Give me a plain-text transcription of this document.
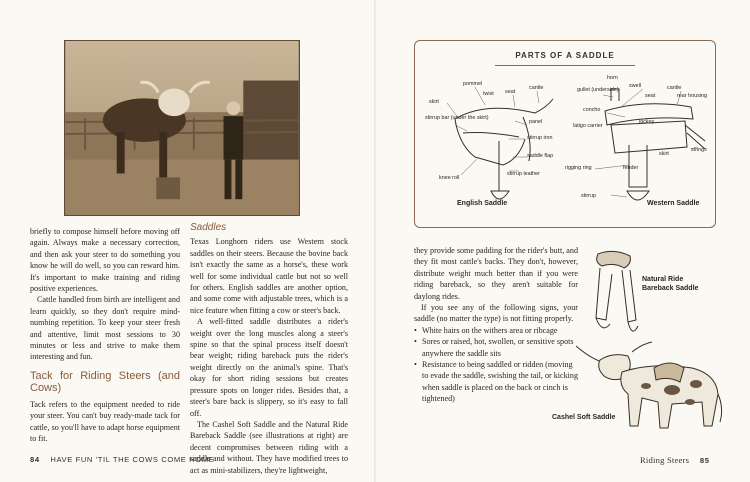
briefly to compose himself before moving off again. Always make a necessary correction, and then ask your steer to do something you know he will do well, so you can reward him. It's important to make training and riding positive experiences.

Cattle handled from birth are intelligent and learn quickly, so they don't require mind-numbing repetition. To keep your steer fresh and attentive, limit most sessions to 30 minutes or less and strive to make them interesting and fun.

Tack for Riding Steers (and Cows)

Tack refers to the equipment needed to ride your steer. You can't buy ready-made tack for cattle, so you'll have to adapt horse equipment to fit.

Saddles

Texas Longhorn riders use Western stock saddles on their steers. Because the bovine back isn't exactly the same as a horse's, these work well for some individual cattle but not so well for others. English saddles are another option, and some come with adjustable trees, which is a nice feature when fitting a cow or steer's back.

A well-fitted saddle distributes a rider's weight over the long muscles along a steer's spine so that the spinal process itself doesn't bear weight; riding bareback puts the rider's weight directly on the animal's spine. That's okay for short riding sessions but creates pressure spots on longer rides. Besides that, a steer's bare back is slippery, so it's easy to fall off.

The Cashel Soft Saddle and the Natural Ride Bareback Saddle (see illustrations at right) are decent compromises between riding with a saddle and without. They have modified trees to act as mini-stabilizers, they're lightweight,

84 HAVE FUN 'TIL THE COWS COME HOME
PARTS OF A SADDLE
pommel
twist seat
cantle
skirt
stirrup bar (under the skirt)
panel
stirrup iron
saddle flap
knee roll
stirrup leather
horn
gullet (underside)
swell
seat
cantle
rear housing
concho
latigo carrier
jockey
skirt
strings
rigging ring	fender
stirrup
English Saddle	Western Saddle

they provide some padding for the rider's butt, and they fit most cattle's backs. They don't, however, distribute weight much better than if you were riding bareback, so they aren't suitable for daylong rides.

If you see any of the following signs, your saddle (no matter the type) is not fitting properly.

• White hairs on the withers area or ribcage
• Sores or raised, hot, swollen, or sensitive spots anywhere the saddle sits
• Resistance to being saddled or ridden (moving to evade the saddle, swishing the tail, or kicking when saddle is placed on the back or cinch is tightened)
Natural Ride Bareback Saddle
Cashel Soft Saddle
Riding Steers 85
